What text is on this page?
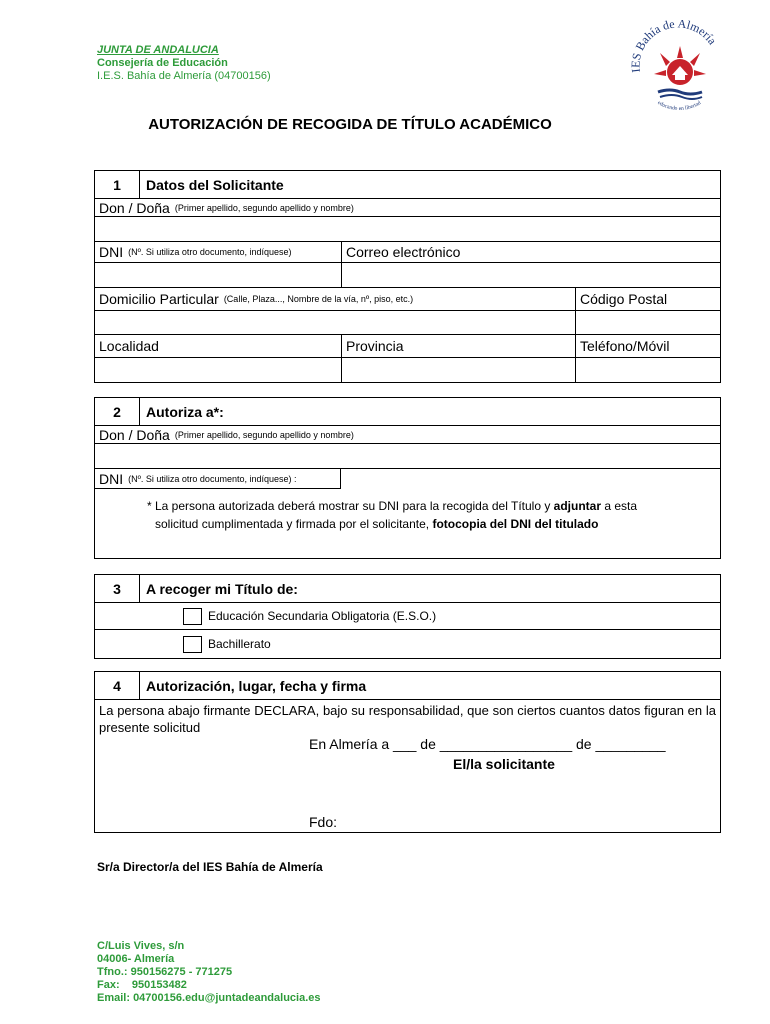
JUNTA DE ANDALUCIA
Consejería de Educación
I.E.S. Bahía de Almería (04700156)	IES Bahía de Almería
educando en libertad
AUTORIZACIÓN DE RECOGIDA DE TÍTULO ACADÉMICO
1	Datos del Solicitante
Don / Doña (Primer apellido, segundo apellido y nombre)
DNI (Nº. Si utiliza otro documento, indíquese)	Correo electrónico
Domicilio Particular (Calle, Plaza..., Nombre de la vía, nº, piso, etc.)	Código Postal
Localidad	Provincia	Teléfono/Móvil
2	Autoriza a*:
Don / Doña (Primer apellido, segundo apellido y nombre)
DNI (Nº. Si utiliza otro documento, indíquese) :
* La persona autorizada deberá mostrar su DNI para la recogida del Título y adjuntar a esta
solicitud cumplimentada y firmada por el solicitante, fotocopia del DNI del titulado
3	A recoger mi Título de:
Educación Secundaria Obligatoria (E.S.O.)
Bachillerato
4	Autorización, lugar, fecha y firma
La persona abajo firmante DECLARA, bajo su responsabilidad, que son ciertos cuantos datos figuran en la presente solicitud
En Almería a ___ de _________________ de _________
El/la solicitante
Fdo:
Sr/a Director/a del IES Bahía de Almería
C/Luis Vives, s/n
04006- Almería
Tfno.: 950156275 - 771275
Fax:    950153482
Email: 04700156.edu@juntadeandalucia.es
